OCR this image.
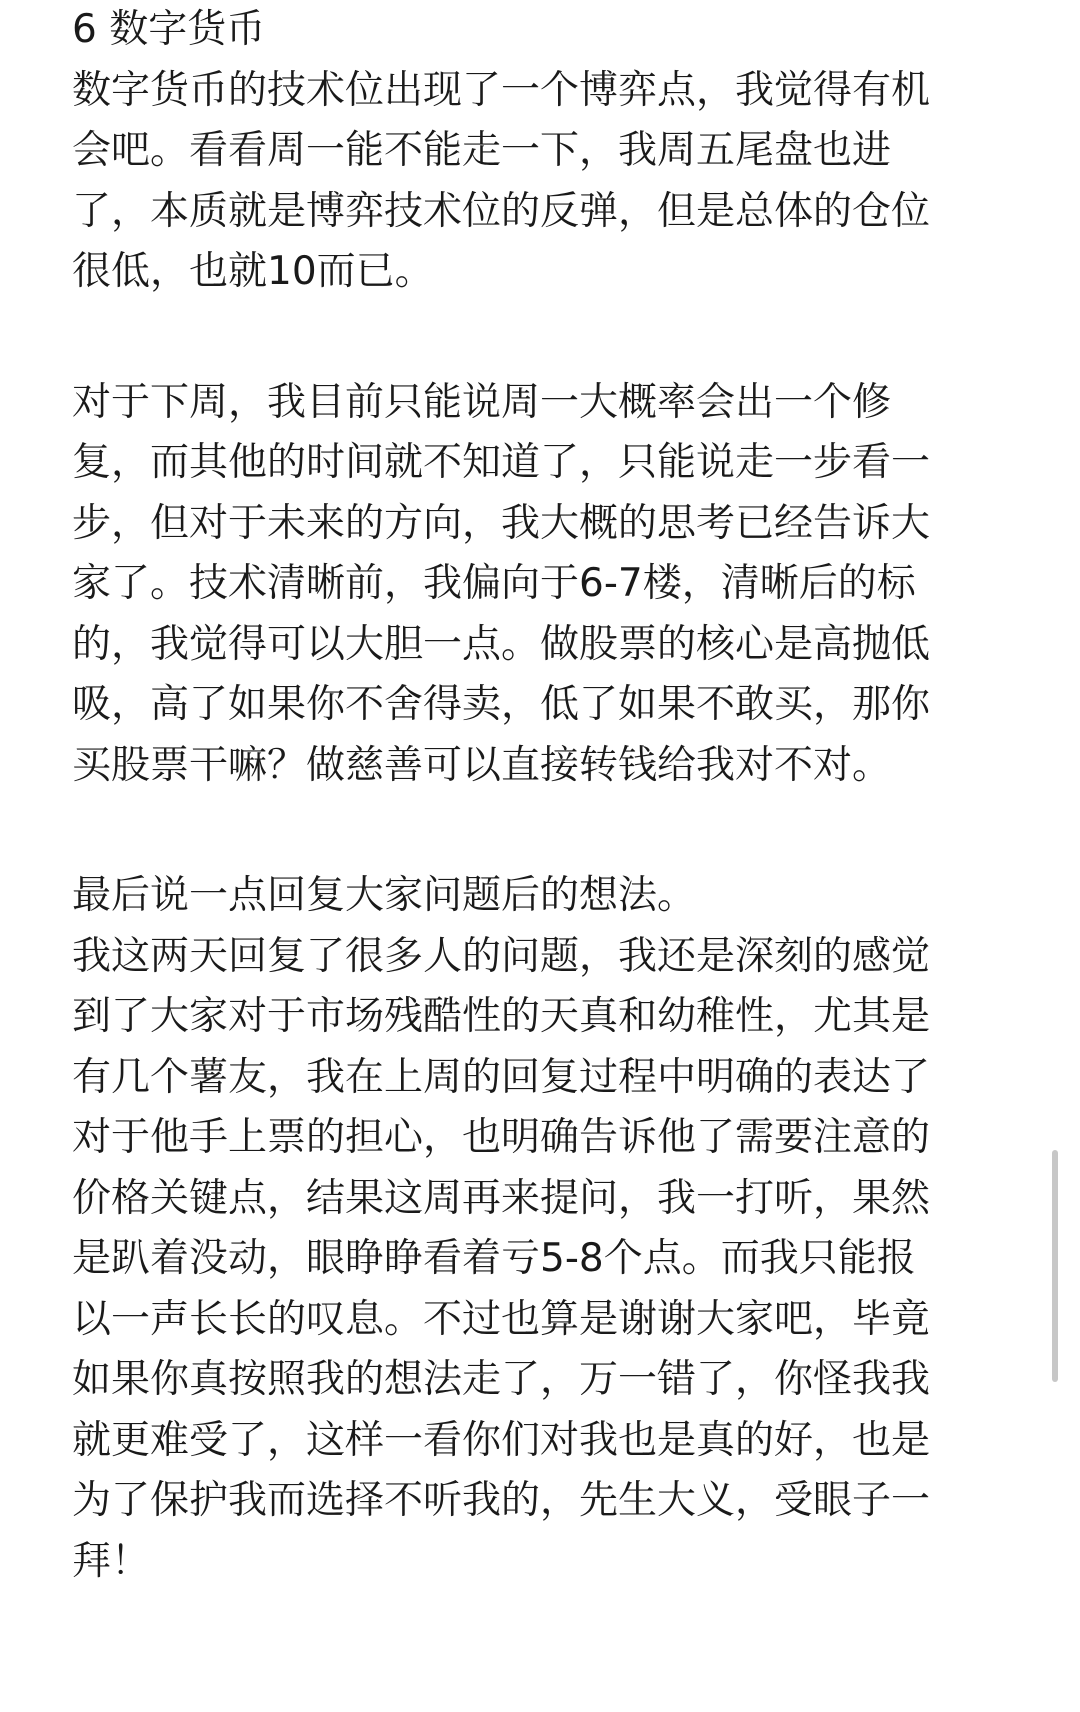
6 数字货币
数字货币的技术位出现了一个博弈点，我觉得有机
会吧。看看周一能不能走一下，我周五尾盘也进
了，本质就是博弈技术位的反弹，但是总体的仓位
很低，也就10而已。
对于下周，我目前只能说周一大概率会出一个修
复，而其他的时间就不知道了，只能说走一步看一
步，但对于未来的方向，我大概的思考已经告诉大
家了。技术清晰前，我偏向于6-7楼，清晰后的标
的，我觉得可以大胆一点。做股票的核心是高抛低
吸，高了如果你不舍得卖，低了如果不敢买，那你
买股票干嘛？做慈善可以直接转钱给我对不对。
最后说一点回复大家问题后的想法。
我这两天回复了很多人的问题，我还是深刻的感觉
到了大家对于市场残酷性的天真和幼稚性，尤其是
有几个薯友，我在上周的回复过程中明确的表达了
对于他手上票的担心，也明确告诉他了需要注意的
价格关键点，结果这周再来提问，我一打听，果然
是趴着没动，眼睁睁看着亏5-8个点。而我只能报
以一声长长的叹息。不过也算是谢谢大家吧，毕竟
如果你真按照我的想法走了，万一错了，你怪我我
就更难受了，这样一看你们对我也是真的好，也是
为了保护我而选择不听我的，先生大义，受眼子一
拜！
